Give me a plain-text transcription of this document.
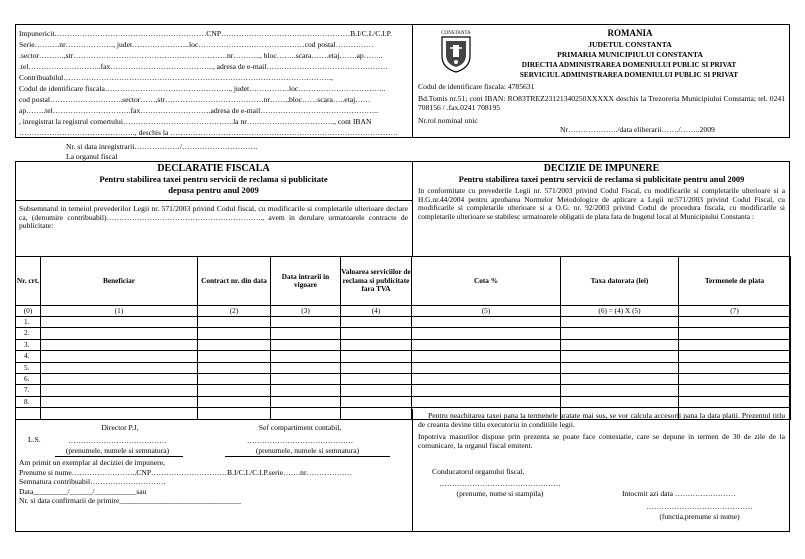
Impunericit……………………………………………………CNP……………………………………………B.I/C.I./C.I.P.
Serie……….nr………………., judet…………………..loc……………………………………cod postal……………
.sector……….,str…………………………………………………….nr……….., bloc……..scara…….etaj…….ap……..
.tel………………………..fax………………………………….., adresa de e-mail…………………………………………
Contribuabilul…………………………………………………………………………………………….,
Codul de identificare fiscala………………………………………….., judet…………….loc……………………………..
cod postal………………………..sector……,str…………………………………nr…….,bloc……scara…..etaj……
ap……..tel………………………….fax……………………….adresa de e-mail………………………………………..
, inregistrat la registrul comertului……………………………………..la nr…………………………….., cont IBAN
………………………………………., deschis la ………………………………………………………………………………
CONSTANTA	ROMANIA
JUDETUL CONSTANTA
PRIMARIA MUNICIPIULUI CONSTANTA
DIRECTIA ADMINISTRAREA DOMENIULUI PUBLIC SI PRIVAT
SERVICIUL ADMINISTRAREA DOMENIULUI PUBLIC SI PRIVAT
Codul de identificare fiscala: 4785631
Bd.Tomis nr.51; cont IBAN: RO83TREZ23121340250XXXXX deschis la Trezoreria Municipiului Constanta; tel. 0241 708156 / .fax.0241 708195
Nr.rol nominal unic
Nr………………../data eliberarii……./……..2009
Nr. si data inregistrarii………………/…………………………
La organul fiscal
DECLARATIE FISCALA
Pentru stabilirea taxei pentru servicii de reclama si publicitate
depusa pentru anul 2009
Subsemnatul in temeiul prevederilor Legii nr. 571/2003 privind Codul fiscal, cu modificarile si completarile ulterioare declare ca, (denumire contribuabil)…………………………………………………….., avem in derulare urmatoarele contracte de publicitate:
DECIZIE DE IMPUNERE
Pentru stabilirea taxei pentru servicii de reclama si publicitate pentru anul 2009
In conformitate cu prevederile Legii nr. 571/2003 privind Codul Fiscal, cu modificarile si completarile ulterioare si a H.G.nr.44/2004 pentru aprobarea Normelor Metodologice de aplicare a Legii nr.571/2003 privind Codul Fiscal, cu modificarile si completarile ulterioare si a O.G. nr. 92/2003 privind Codul de procedura fiscala, cu modificarile si completarile ulterioare se stabilesc urmatoarele obligatii de plata fata de bugetul local al Municipiului Constanta :
Nr. crt.	Beneficiar	Contract nr. din data	Data intrarii in vigoare	Valoarea serviciilor de reclama si publicitate fara TVA	Cota %	Taxa datorata (lei)	Termenele de plata
(0)	(1)	(2)	(3)	(4)	(5)	(6) = (4) X (5)	(7)
1.							
2.							
3.							
4.							
5.							
6.							
7.							
8.							

Director P.J,	Sef compartiment contabil,
L.S.	…………………………………	……………………………………
(prenumele, numele si semnatura)	(prenumele, numele si semnatura)
Am primit un exemplar al deciziei de impunere,
Prenume si nume……………………..CNP…………………………B.I/C.I./C.I.P.serie…….nr………………
Semnatura contribuabil…………………………
Data_________/______/___________sau
Nr. si data confirmarii de primire________________________________
Pentru neachitarea taxei pana la termenele aratate mai sus, se vor calcula accesorii pana la data platii. Prezentul titlu de creanta devine titlu executoriu in conditiile legii.
Inpotriva masurilor dispuse prin prezenta se poate face contestatie, care se depune in termen de 30 de zile de la comunicare, la organul fiscal emitent.
Conducatorul organului fiscal,
…………………………………………
(prenume, nume si stampila)	Intocmit azi data ……………………
……………………………………
(functia,prenume si nume)
